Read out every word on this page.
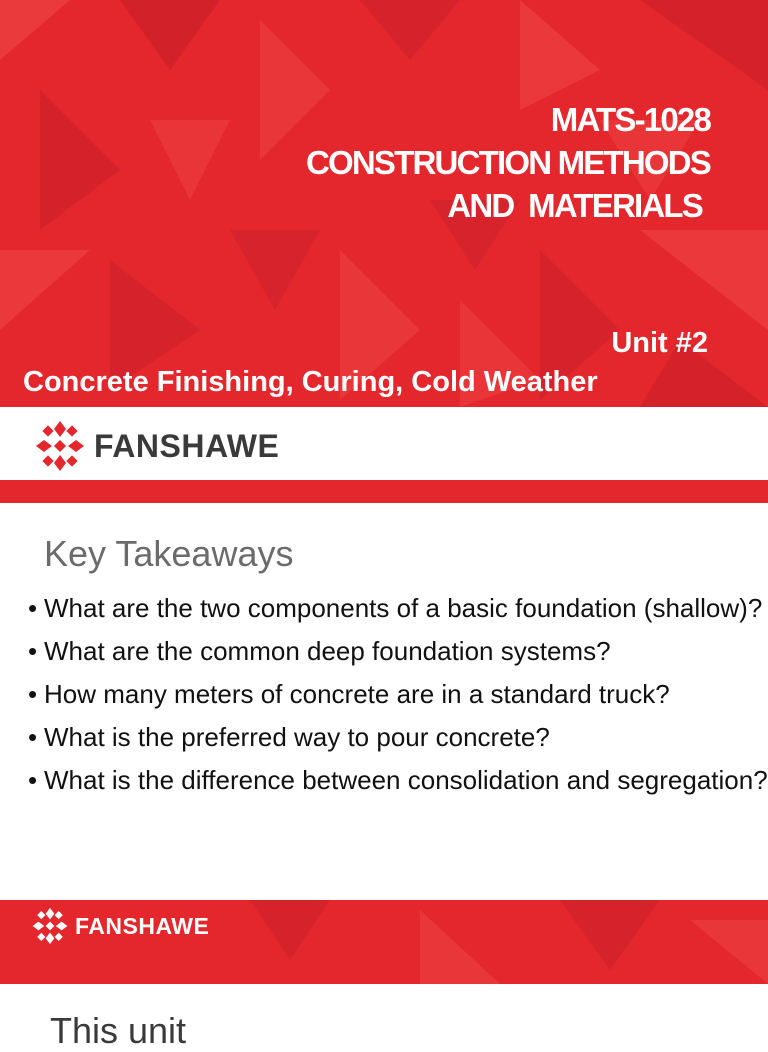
MATS-1028
CONSTRUCTION METHODS
AND  MATERIALS
Unit #2
Concrete Finishing, Curing, Cold Weather
FANSHAWE
Key Takeaways
• What are the two components of a basic foundation (shallow)?
• What are the common deep foundation systems?
• How many meters of concrete are in a standard truck?
• What is the preferred way to pour concrete?
• What is the difference between consolidation and segregation?
FANSHAWE
This unit
